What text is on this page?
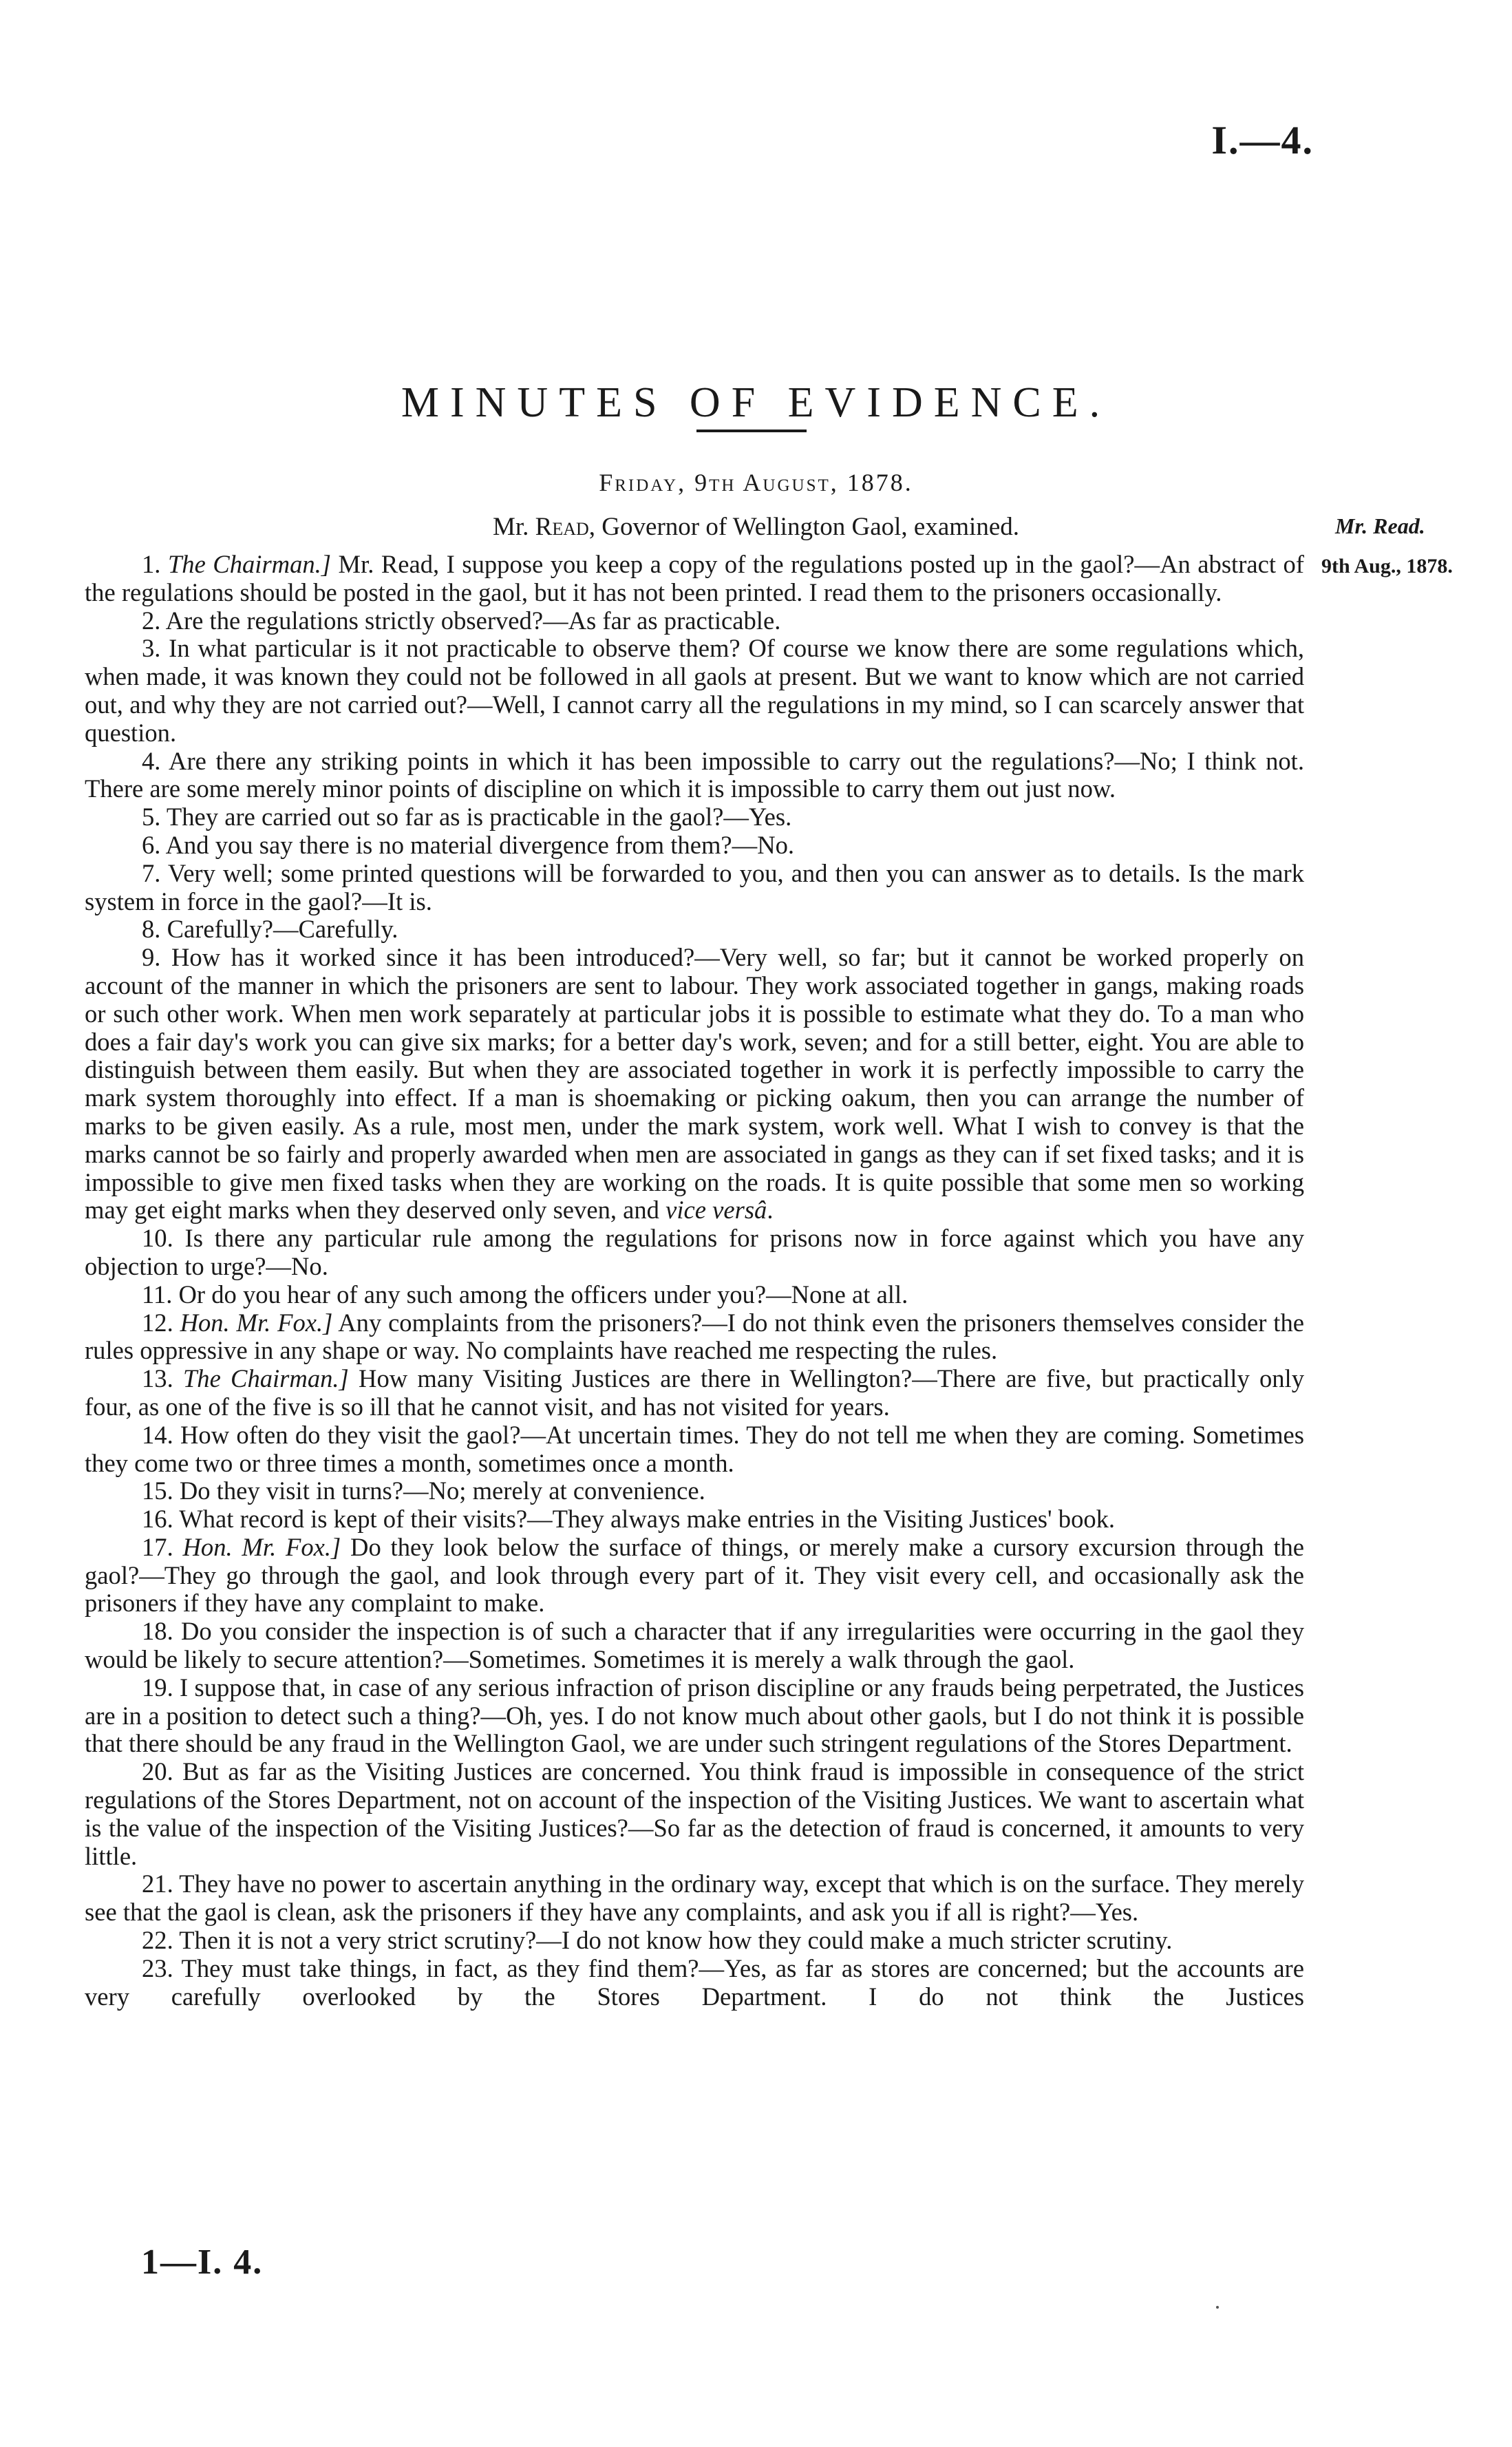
I.—4.
MINUTES OF EVIDENCE.
Friday, 9th August, 1878.
Mr. Read, Governor of Wellington Gaol, examined.	Mr. Read.
9th Aug., 1878.

1. The Chairman.] Mr. Read, I suppose you keep a copy of the regulations posted up in the gaol?—An abstract of the regulations should be posted in the gaol, but it has not been printed. I read them to the prisoners occasionally.

2. Are the regulations strictly observed?—As far as practicable.

3. In what particular is it not practicable to observe them? Of course we know there are some regulations which, when made, it was known they could not be followed in all gaols at present. But we want to know which are not carried out, and why they are not carried out?—Well, I cannot carry all the regulations in my mind, so I can scarcely answer that question.

4. Are there any striking points in which it has been impossible to carry out the regulations?—No; I think not. There are some merely minor points of discipline on which it is impossible to carry them out just now.

5. They are carried out so far as is practicable in the gaol?—Yes.

6. And you say there is no material divergence from them?—No.

7. Very well; some printed questions will be forwarded to you, and then you can answer as to details. Is the mark system in force in the gaol?—It is.

8. Carefully?—Carefully.

9. How has it worked since it has been introduced?—Very well, so far; but it cannot be worked properly on account of the manner in which the prisoners are sent to labour. They work associated together in gangs, making roads or such other work. When men work separately at particular jobs it is possible to estimate what they do. To a man who does a fair day's work you can give six marks; for a better day's work, seven; and for a still better, eight. You are able to distinguish between them easily. But when they are associated together in work it is perfectly impossible to carry the mark system thoroughly into effect. If a man is shoemaking or picking oakum, then you can arrange the number of marks to be given easily. As a rule, most men, under the mark system, work well. What I wish to convey is that the marks cannot be so fairly and properly awarded when men are associated in gangs as they can if set fixed tasks; and it is impossible to give men fixed tasks when they are working on the roads. It is quite possible that some men so working may get eight marks when they deserved only seven, and vice versâ.

10. Is there any particular rule among the regulations for prisons now in force against which you have any objection to urge?—No.

11. Or do you hear of any such among the officers under you?—None at all.

12. Hon. Mr. Fox.] Any complaints from the prisoners?—I do not think even the prisoners themselves consider the rules oppressive in any shape or way. No complaints have reached me respecting the rules.

13. The Chairman.] How many Visiting Justices are there in Wellington?—There are five, but practically only four, as one of the five is so ill that he cannot visit, and has not visited for years.

14. How often do they visit the gaol?—At uncertain times. They do not tell me when they are coming. Sometimes they come two or three times a month, sometimes once a month.

15. Do they visit in turns?—No; merely at convenience.

16. What record is kept of their visits?—They always make entries in the Visiting Justices' book.

17. Hon. Mr. Fox.] Do they look below the surface of things, or merely make a cursory excursion through the gaol?—They go through the gaol, and look through every part of it. They visit every cell, and occasionally ask the prisoners if they have any complaint to make.

18. Do you consider the inspection is of such a character that if any irregularities were occurring in the gaol they would be likely to secure attention?—Sometimes. Sometimes it is merely a walk through the gaol.

19. I suppose that, in case of any serious infraction of prison discipline or any frauds being perpetrated, the Justices are in a position to detect such a thing?—Oh, yes. I do not know much about other gaols, but I do not think it is possible that there should be any fraud in the Wellington Gaol, we are under such stringent regulations of the Stores Department.

20. But as far as the Visiting Justices are concerned. You think fraud is impossible in consequence of the strict regulations of the Stores Department, not on account of the inspection of the Visiting Justices. We want to ascertain what is the value of the inspection of the Visiting Justices?—So far as the detection of fraud is concerned, it amounts to very little.

21. They have no power to ascertain anything in the ordinary way, except that which is on the surface. They merely see that the gaol is clean, ask the prisoners if they have any complaints, and ask you if all is right?—Yes.

22. Then it is not a very strict scrutiny?—I do not know how they could make a much stricter scrutiny.

23. They must take things, in fact, as they find them?—Yes, as far as stores are concerned; but the accounts are very carefully overlooked by the Stores Department. I do not think the Justices

1—I. 4.
